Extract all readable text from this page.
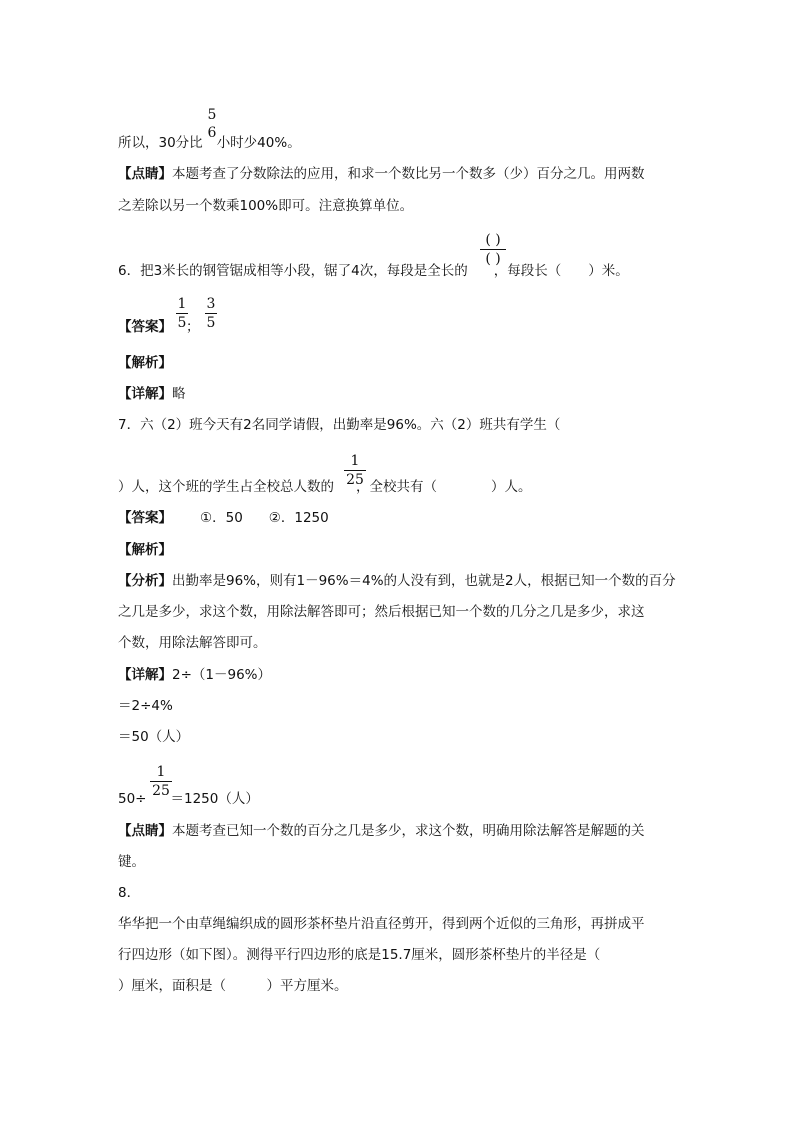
5
6
所以，30分比 小时少40%。
【点睛】本题考查了分数除法的应用，和求一个数比另一个数多（少）百分之几。用两数
之差除以另一个数乘100%即可。注意换算单位。
( )
( )
6．把3米长的钢管锯成相等小段，锯了4次，每段是全长的 ，每段长（　　）米。
1
5
3
5
【答案】 ；
【解析】
【详解】略
7．六（2）班今天有2名同学请假，出勤率是96%。六（2）班共有学生（
1
25
）人，这个班的学生占全校总人数的 ，全校共有（　　　　）人。
【答案】 ①．50 ②．1250
【解析】
【分析】出勤率是96%，则有1－96%＝4%的人没有到，也就是2人，根据已知一个数的百分
之几是多少，求这个数，用除法解答即可；然后根据已知一个数的几分之几是多少，求这
个数，用除法解答即可。
【详解】2÷（1－96%）
＝2÷4%
＝50（人）
1
25
50÷ ＝1250（人）
【点睛】本题考查已知一个数的百分之几是多少，求这个数，明确用除法解答是解题的关
键。
8．
华华把一个由草绳编织成的圆形茶杯垫片沿直径剪开，得到两个近似的三角形，再拼成平
行四边形（如下图）。测得平行四边形的底是15.7厘米，圆形茶杯垫片的半径是（
）厘米，面积是（　　　）平方厘米。
